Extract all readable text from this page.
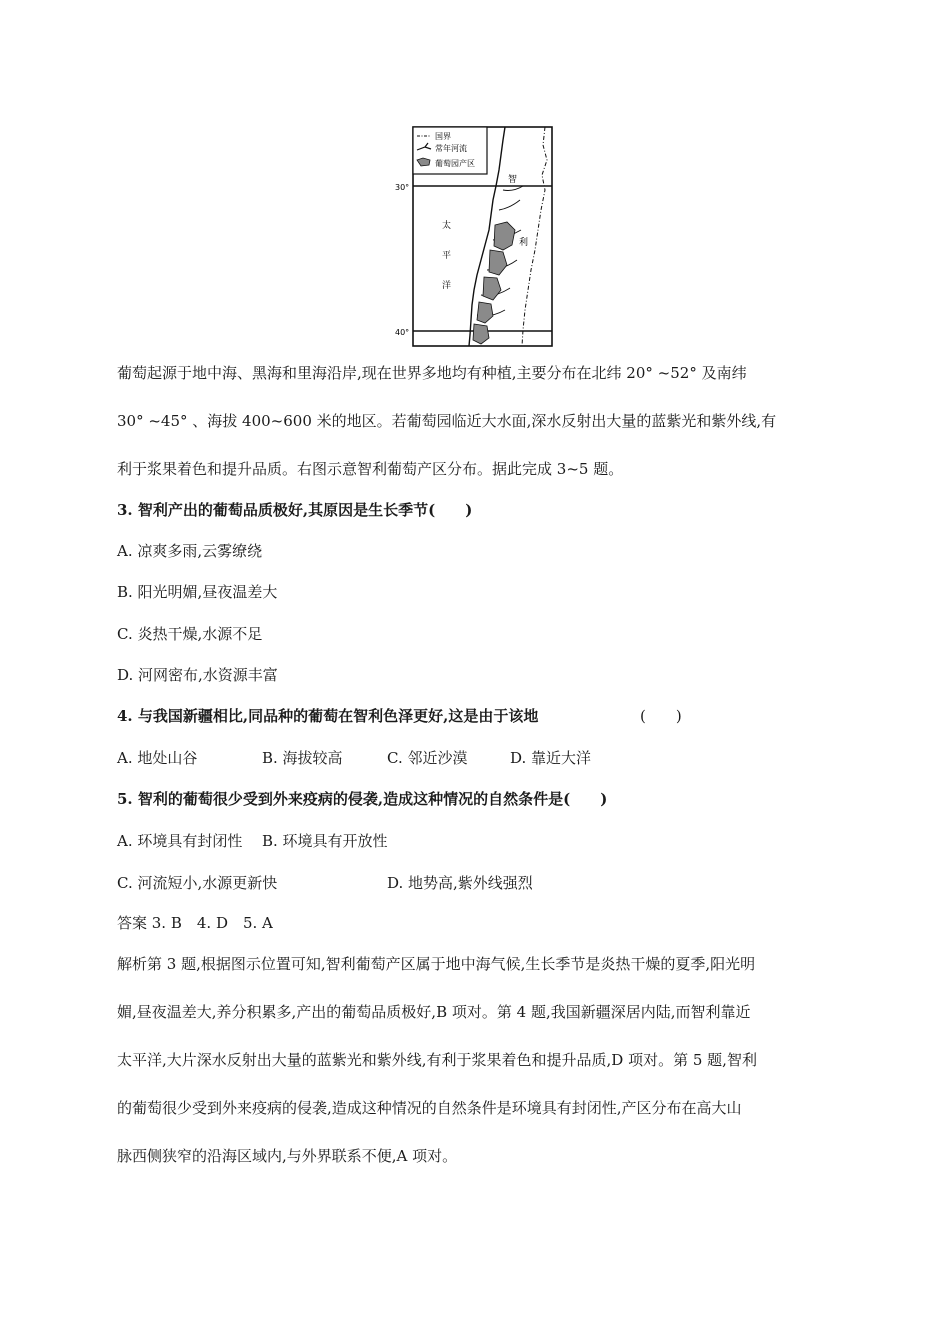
国界
常年河流
葡萄园产区
30°
40°
智
利
太
平
洋
葡萄起源于地中海、黑海和里海沿岸,现在世界多地均有种植,主要分布在北纬 20° ~52° 及南纬
30° ~45° 、海拔 400~600 米的地区。若葡萄园临近大水面,深水反射出大量的蓝紫光和紫外线,有
利于浆果着色和提升品质。右图示意智利葡萄产区分布。据此完成 3~5 题。
3. 智利产出的葡萄品质极好,其原因是生长季节(　　)
A. 凉爽多雨,云雾缭绕
B. 阳光明媚,昼夜温差大
C. 炎热干燥,水源不足
D. 河网密布,水资源丰富
4. 与我国新疆相比,同品种的葡萄在智利色泽更好,这是由于该地	(　　)
A. 地处山谷	B. 海拔较高	C. 邻近沙漠	D. 靠近大洋
5. 智利的葡萄很少受到外来疫病的侵袭,造成这种情况的自然条件是(　　)
A. 环境具有封闭性 B. 环境具有开放性
C. 河流短小,水源更新快	D. 地势高,紫外线强烈
答案 3. B　4. D　5. A
解析第 3 题,根据图示位置可知,智利葡萄产区属于地中海气候,生长季节是炎热干燥的夏季,阳光明
媚,昼夜温差大,养分积累多,产出的葡萄品质极好,B 项对。第 4 题,我国新疆深居内陆,而智利靠近
太平洋,大片深水反射出大量的蓝紫光和紫外线,有利于浆果着色和提升品质,D 项对。第 5 题,智利
的葡萄很少受到外来疫病的侵袭,造成这种情况的自然条件是环境具有封闭性,产区分布在高大山
脉西侧狭窄的沿海区域内,与外界联系不便,A 项对。
